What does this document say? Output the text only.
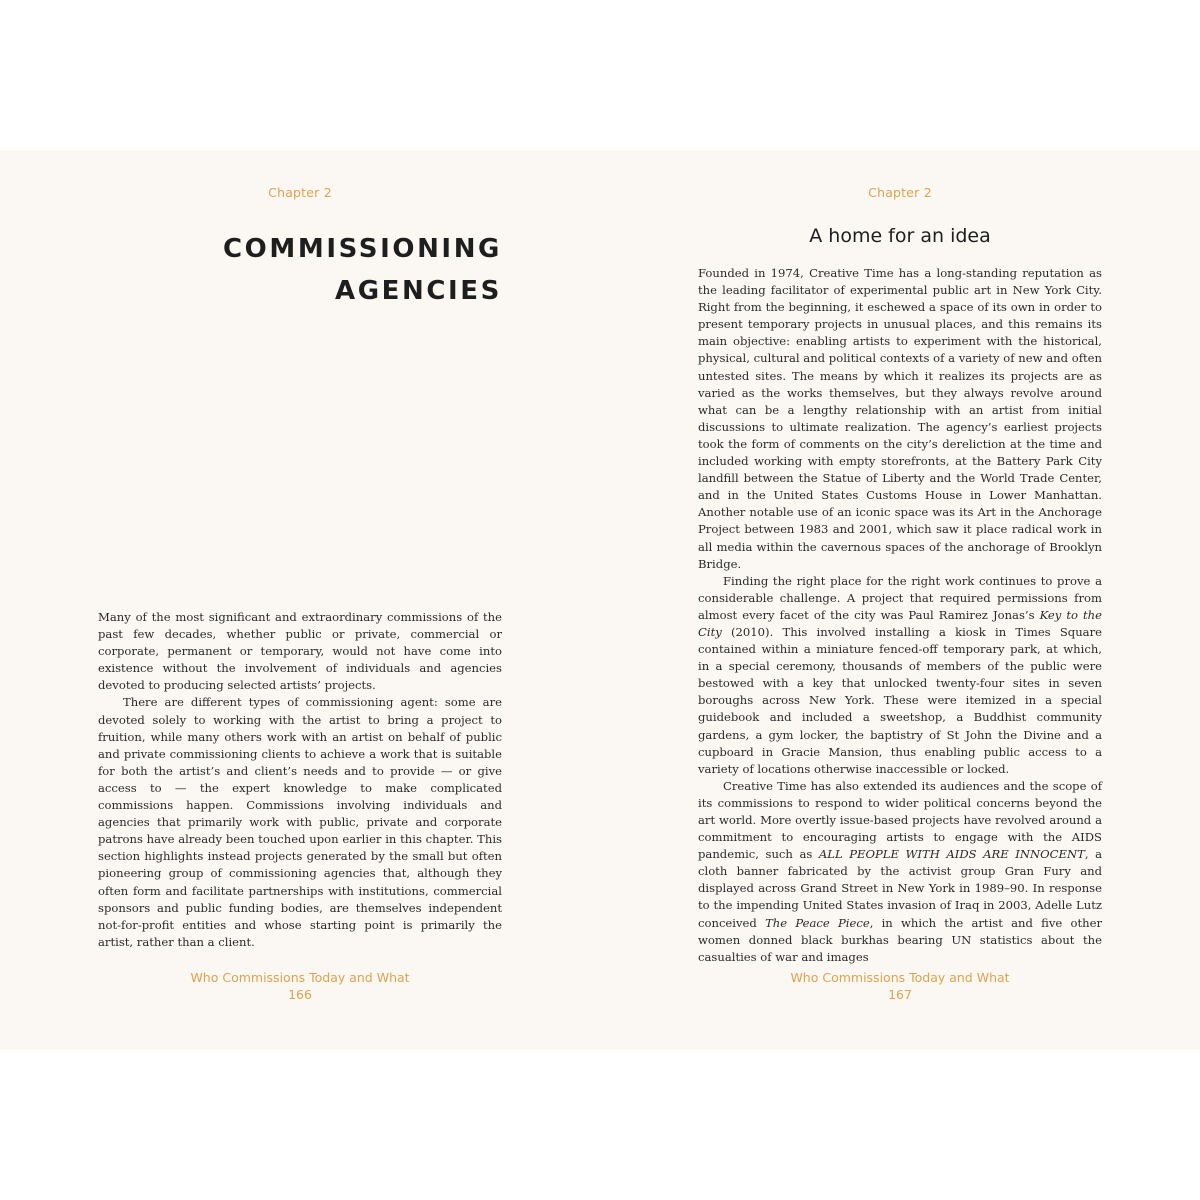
Chapter 2
COMMISSIONING
AGENCIES

Many of the most significant and extraordinary commissions of the past few decades, whether public or private, commercial or corporate, permanent or temporary, would not have come into existence without the involvement of individuals and agencies devoted to producing selected artists’ projects.

There are different types of commissioning agent: some are devoted solely to working with the artist to bring a project to fruition, while many others work with an artist on behalf of public and private commissioning clients to achieve a work that is suitable for both the artist’s and client’s needs and to provide — or give access to — the expert knowledge to make complicated commissions happen. Commissions involving individuals and agencies that primarily work with public, private and corporate patrons have already been touched upon earlier in this chapter. This section highlights instead projects generated by the small but often pioneering group of commissioning agencies that, although they often form and facilitate partnerships with institutions, commercial sponsors and public funding bodies, are themselves independent not-for-profit entities and whose starting point is primarily the artist, rather than a client.

Who Commissions Today and What
166
Chapter 2
A home for an idea

Founded in 1974, Creative Time has a long-standing reputation as the leading facilitator of experimental public art in New York City. Right from the beginning, it eschewed a space of its own in order to present temporary projects in unusual places, and this remains its main objective: enabling artists to experiment with the historical, physical, cultural and political contexts of a variety of new and often untested sites. The means by which it realizes its projects are as varied as the works themselves, but they always revolve around what can be a lengthy relationship with an artist from initial discussions to ultimate realization. The agency’s earliest projects took the form of comments on the city’s dereliction at the time and included working with empty storefronts, at the Battery Park City landfill between the Statue of Liberty and the World Trade Center, and in the United States Customs House in Lower Manhattan. Another notable use of an iconic space was its Art in the Anchorage Project between 1983 and 2001, which saw it place radical work in all media within the cavernous spaces of the anchorage of Brooklyn Bridge.

Finding the right place for the right work continues to prove a considerable challenge. A project that required permissions from almost every facet of the city was Paul Ramirez Jonas’s Key to the City (2010). This involved installing a kiosk in Times Square contained within a miniature fenced-off temporary park, at which, in a special ceremony, thousands of members of the public were bestowed with a key that unlocked twenty-four sites in seven boroughs across New York. These were itemized in a special guidebook and included a sweetshop, a Buddhist community gardens, a gym locker, the baptistry of St John the Divine and a cupboard in Gracie Mansion, thus enabling public access to a variety of locations otherwise inaccessible or locked.

Creative Time has also extended its audiences and the scope of its commissions to respond to wider political concerns beyond the art world. More overtly issue-based projects have revolved around a commitment to encouraging artists to engage with the AIDS pandemic, such as ALL PEOPLE WITH AIDS ARE INNOCENT, a cloth banner fabricated by the activist group Gran Fury and displayed across Grand Street in New York in 1989–90. In response to the impending United States invasion of Iraq in 2003, Adelle Lutz conceived The Peace Piece, in which the artist and five other women donned black burkhas bearing UN statistics about the casualties of war and images

Who Commissions Today and What
167
